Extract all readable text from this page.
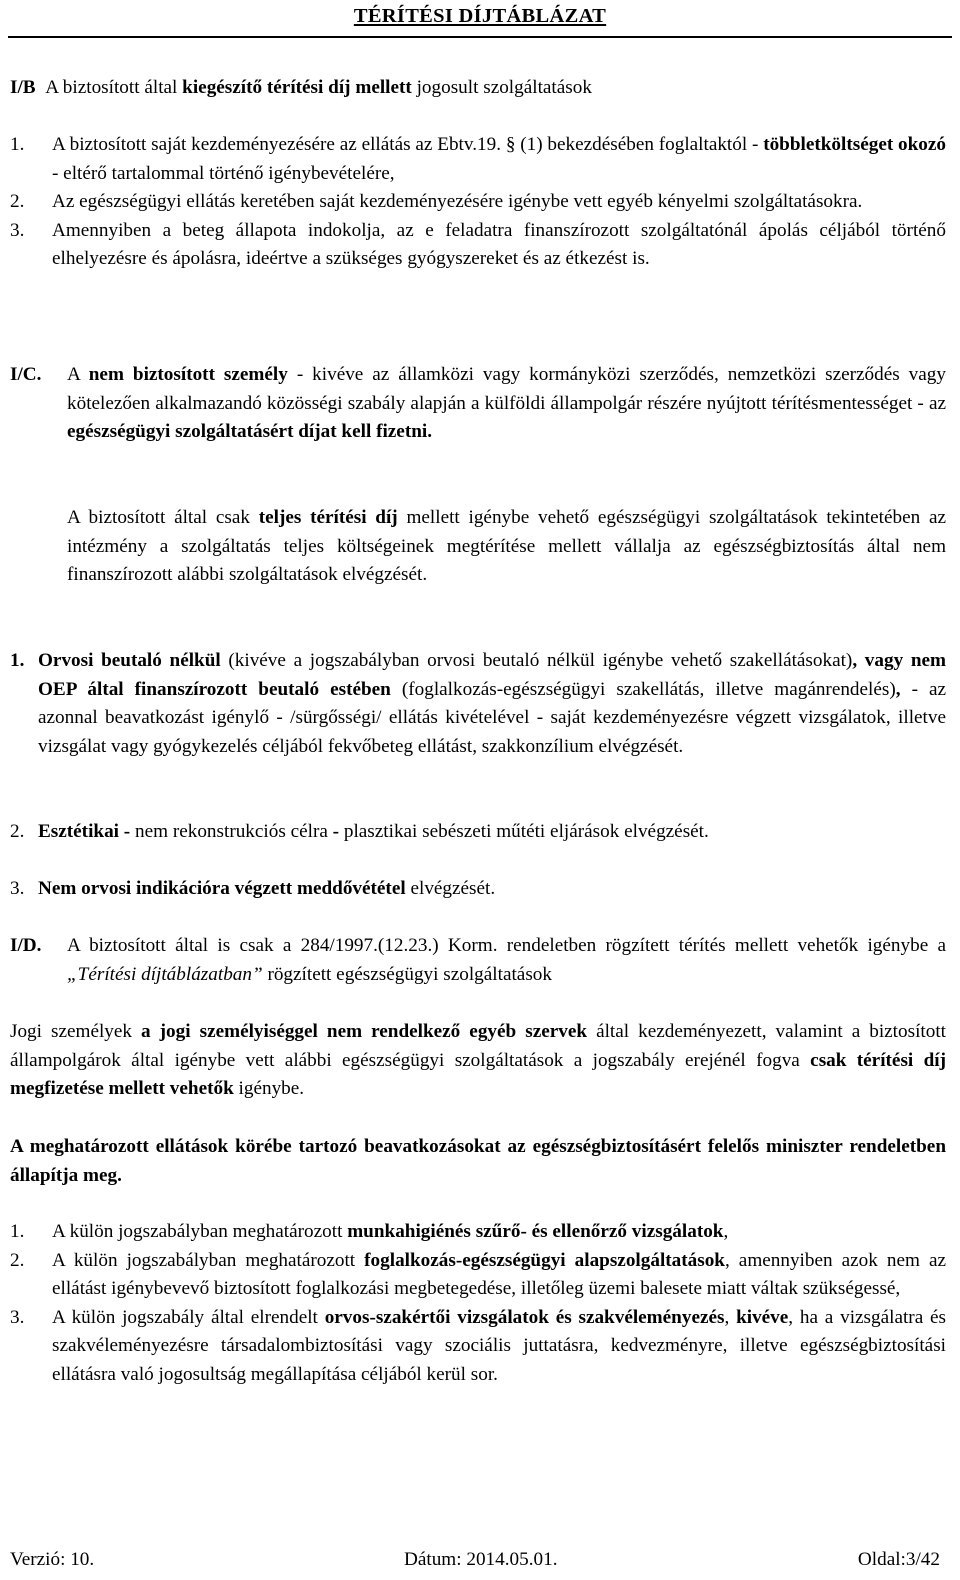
TÉRÍTÉSI DÍJTÁBLÁZAT
I/B A biztosított által kiegészítő térítési díj mellett jogosult szolgáltatások
1.	A biztosított saját kezdeményezésére az ellátás az Ebtv.19. § (1) bekezdésében foglaltaktól - többletköltséget okozó - eltérő tartalommal történő igénybevételére,
2.	Az egészségügyi ellátás keretében saját kezdeményezésére igénybe vett egyéb kényelmi szolgáltatásokra.
3.	Amennyiben a beteg állapota indokolja, az e feladatra finanszírozott szolgáltatónál ápolás céljából történő elhelyezésre és ápolásra, ideértve a szükséges gyógyszereket és az étkezést is.
I/C.	A nem biztosított személy - kivéve az államközi vagy kormányközi szerződés, nemzetközi szerződés vagy kötelezően alkalmazandó közösségi szabály alapján a külföldi állampolgár részére nyújtott térítésmentességet - az egészségügyi szolgáltatásért díjat kell fizetni.
A biztosított által csak teljes térítési díj mellett igénybe vehető egészségügyi szolgáltatások tekintetében az intézmény a szolgáltatás teljes költségeinek megtérítése mellett vállalja az egészségbiztosítás által nem finanszírozott alábbi szolgáltatások elvégzését.
1. Orvosi beutaló nélkül (kivéve a jogszabályban orvosi beutaló nélkül igénybe vehető szakellátásokat), vagy nem OEP által finanszírozott beutaló estében (foglalkozás-egészségügyi szakellátás, illetve magánrendelés), - az azonnal beavatkozást igénylő - /sürgősségi/ ellátás kivételével - saját kezdeményezésre végzett vizsgálatok, illetve vizsgálat vagy gyógykezelés céljából fekvőbeteg ellátást, szakkonzílium elvégzését.
2. Esztétikai - nem rekonstrukciós célra - plasztikai sebészeti műtéti eljárások elvégzését.
3. Nem orvosi indikációra végzett meddővététel elvégzését.
I/D.	A biztosított által is csak a 284/1997.(12.23.) Korm. rendeletben rögzített térítés mellett vehetők igénybe a „Térítési díjtáblázatban” rögzített egészségügyi szolgáltatások
Jogi személyek a jogi személyiséggel nem rendelkező egyéb szervek által kezdeményezett, valamint a biztosított állampolgárok által igénybe vett alábbi egészségügyi szolgáltatások a jogszabály erejénél fogva csak térítési díj megfizetése mellett vehetők igénybe.
A meghatározott ellátások körébe tartozó beavatkozásokat az egészségbiztosításért felelős miniszter rendeletben állapítja meg.
1.	A külön jogszabályban meghatározott munkahigiénés szűrő- és ellenőrző vizsgálatok,
2.	A külön jogszabályban meghatározott foglalkozás-egészségügyi alapszolgáltatások, amennyiben azok nem az ellátást igénybevevő biztosított foglalkozási megbetegedése, illetőleg üzemi balesete miatt váltak szükségessé,
3.	A külön jogszabály által elrendelt orvos-szakértői vizsgálatok és szakvéleményezés, kivéve, ha a vizsgálatra és szakvéleményezésre társadalombiztosítási vagy szociális juttatásra, kedvezményre, illetve egészségbiztosítási ellátásra való jogosultság megállapítása céljából kerül sor.
Verzió: 10.	Dátum: 2014.05.01.	Oldal:3/42
